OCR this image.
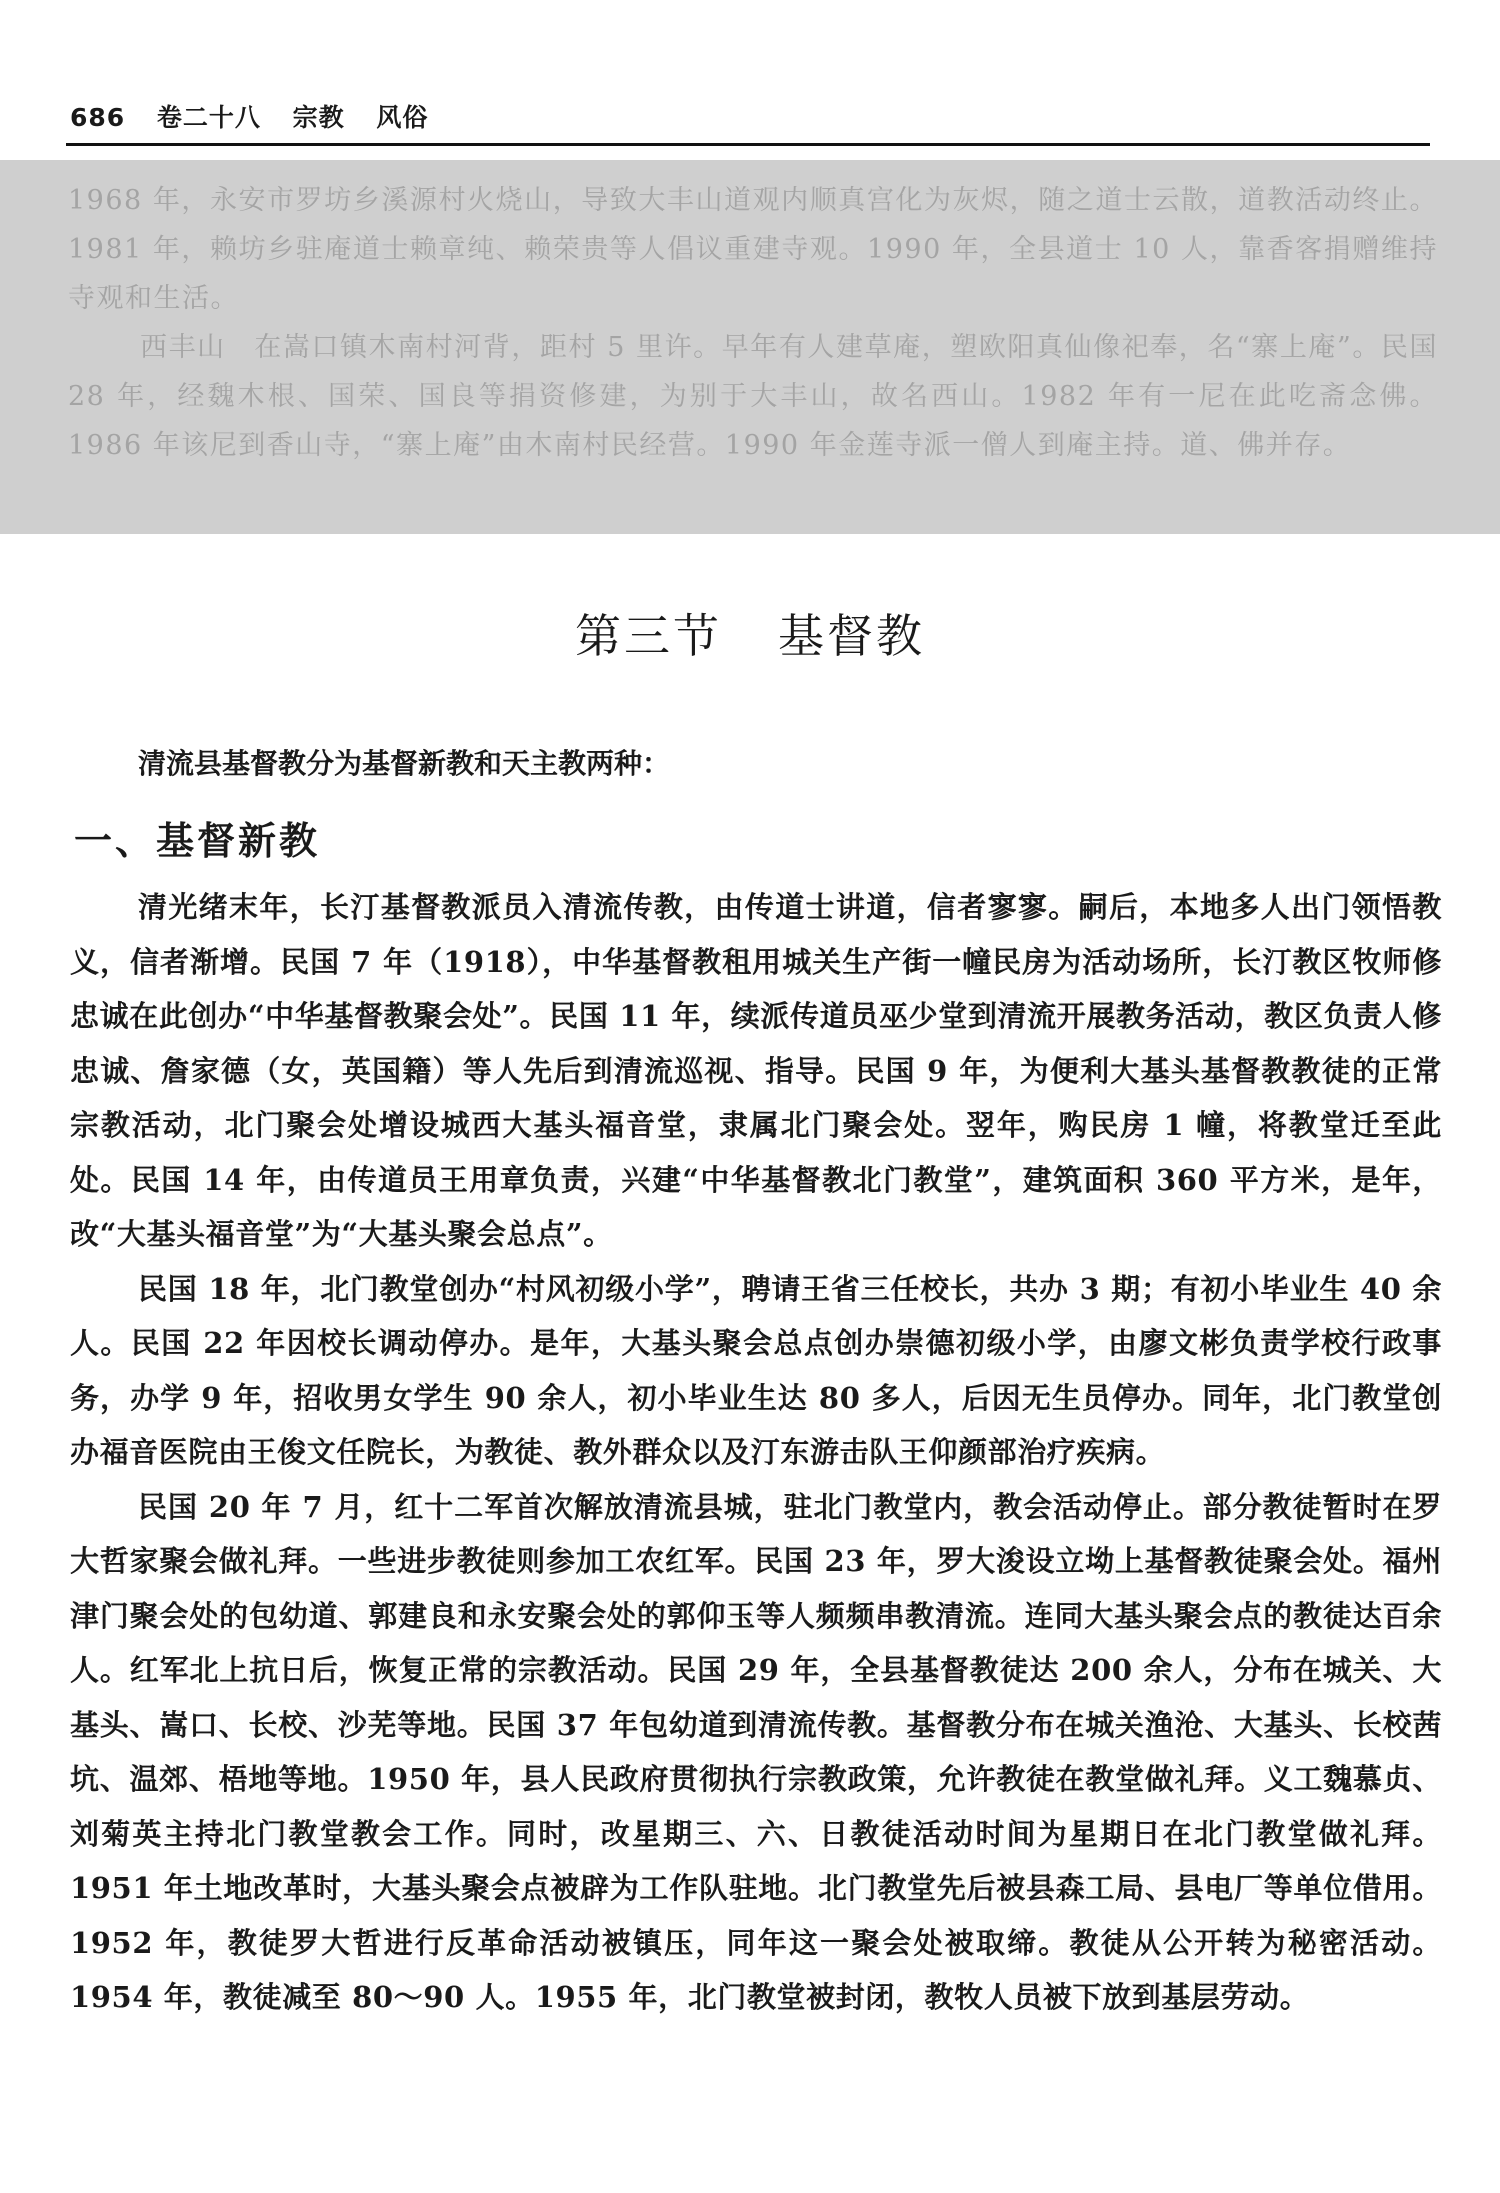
686 卷二十八 宗教 风俗

1968 年，永安市罗坊乡溪源村火烧山，导致大丰山道观内顺真宫化为灰烬，随之道士云散，道教活动终止。1981 年，赖坊乡驻庵道士赖章纯、赖荣贵等人倡议重建寺观。1990 年，全县道士 10 人，靠香客捐赠维持寺观和生活。

西丰山　在嵩口镇木南村河背，距村 5 里许。早年有人建草庵，塑欧阳真仙像祀奉，名“寨上庵”。民国 28 年，经魏木根、国荣、国良等捐资修建，为别于大丰山，故名西山。1982 年有一尼在此吃斋念佛。1986 年该尼到香山寺，“寨上庵”由木南村民经营。1990 年金莲寺派一僧人到庵主持。道、佛并存。

第三节 基督教
清流县基督教分为基督新教和天主教两种：
一、基督新教

清光绪末年，长汀基督教派员入清流传教，由传道士讲道，信者寥寥。嗣后，本地多人出门领悟教义，信者渐增。民国 7 年（1918），中华基督教租用城关生产街一幢民房为活动场所，长汀教区牧师修忠诚在此创办“中华基督教聚会处”。民国 11 年，续派传道员巫少堂到清流开展教务活动，教区负责人修忠诚、詹家德（女，英国籍）等人先后到清流巡视、指导。民国 9 年，为便利大基头基督教教徒的正常宗教活动，北门聚会处增设城西大基头福音堂，隶属北门聚会处。翌年，购民房 1 幢，将教堂迁至此处。民国 14 年，由传道员王用章负责，兴建“中华基督教北门教堂”，建筑面积 360 平方米，是年，改“大基头福音堂”为“大基头聚会总点”。

民国 18 年，北门教堂创办“村风初级小学”，聘请王省三任校长，共办 3 期；有初小毕业生 40 余人。民国 22 年因校长调动停办。是年，大基头聚会总点创办崇德初级小学，由廖文彬负责学校行政事务，办学 9 年，招收男女学生 90 余人，初小毕业生达 80 多人，后因无生员停办。同年，北门教堂创办福音医院由王俊文任院长，为教徒、教外群众以及汀东游击队王仰颜部治疗疾病。

民国 20 年 7 月，红十二军首次解放清流县城，驻北门教堂内，教会活动停止。部分教徒暂时在罗大哲家聚会做礼拜。一些进步教徒则参加工农红军。民国 23 年，罗大浚设立坳上基督教徒聚会处。福州津门聚会处的包幼道、郭建良和永安聚会处的郭仰玉等人频频串教清流。连同大基头聚会点的教徒达百余人。红军北上抗日后，恢复正常的宗教活动。民国 29 年，全县基督教徒达 200 余人，分布在城关、大基头、嵩口、长校、沙芜等地。民国 37 年包幼道到清流传教。基督教分布在城关渔沧、大基头、长校茜坑、温郊、梧地等地。1950 年，县人民政府贯彻执行宗教政策，允许教徒在教堂做礼拜。义工魏慕贞、刘菊英主持北门教堂教会工作。同时，改星期三、六、日教徒活动时间为星期日在北门教堂做礼拜。1951 年土地改革时，大基头聚会点被辟为工作队驻地。北门教堂先后被县森工局、县电厂等单位借用。1952 年，教徒罗大哲进行反革命活动被镇压，同年这一聚会处被取缔。教徒从公开转为秘密活动。1954 年，教徒减至 80～90 人。1955 年，北门教堂被封闭，教牧人员被下放到基层劳动。
